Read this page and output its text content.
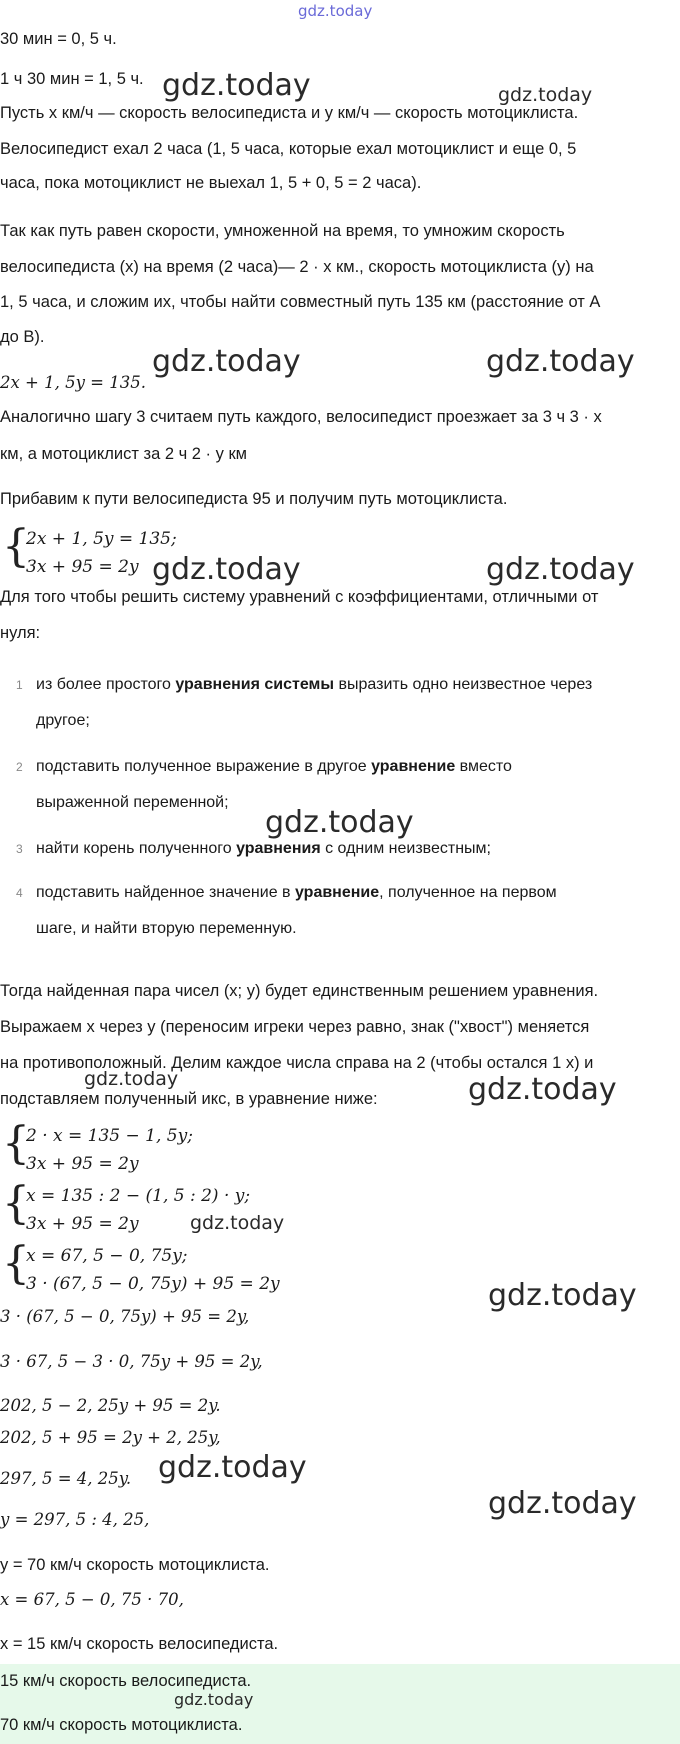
gdz.today
30 мин = 0, 5 ч.
1 ч 30 мин = 1, 5 ч. gdz.today	gdz.today
Пусть x км/ч — скорость велосипедиста и y км/ч — скорость мотоциклиста.
Велосипедист ехал 2 часа (1, 5 часа, которые ехал мотоциклист и еще 0, 5
часа, пока мотоциклист не выехал 1, 5 + 0, 5 = 2 часа).
Так как путь равен скорости, умноженной на время, то умножим скорость
велосипедиста (x) на время (2 часа)— 2 · x км., скорость мотоциклиста (y) на
1, 5 часа, и сложим их, чтобы найти совместный путь 135 км (расстояние от A
до B).
gdz.today	gdz.today
2x + 1, 5y = 135.
Аналогично шагу 3 считаем путь каждого, велосипедист проезжает за 3 ч 3 · x
км, а мотоциклист за 2 ч 2 · y км
Прибавим к пути велосипедиста 95 и получим путь мотоциклиста.
{
2x + 1, 5y = 135;
3x + 95 = 2y gdz.today	gdz.today
Для того чтобы решить систему уравнений с коэффициентами, отличными от
нуля:
1 из более простого уравнения системы выразить одно неизвестное через
другое;
2 подставить полученное выражение в другое уравнение вместо
выраженной переменной;
3 найти корень полученного уравнения с одним неизвестным;
4 подставить найденное значение в уравнение, полученное на первом
шаге, и найти вторую переменную.
gdz.today
Тогда найденная пара чисел (x; y) будет единственным решением уравнения.
Выражаем x через y (переносим игреки через равно, знак ("хвост") меняется
на противоположный. Делим каждое числа справа на 2 (чтобы остался 1 x) и
gdz.today	gdz.today
подставляем полученный икс, в уравнение ниже:
{
2 · x = 135 − 1, 5y;
3x + 95 = 2y
{
x = 135 : 2 − (1, 5 : 2) · y;
3x + 95 = 2y	gdz.today
{
x = 67, 5 − 0, 75y;
3 · (67, 5 − 0, 75y) + 95 = 2y	gdz.today
3 · (67, 5 − 0, 75y) + 95 = 2y,
3 · 67, 5 − 3 · 0, 75y + 95 = 2y,
202, 5 − 2, 25y + 95 = 2y.
202, 5 + 95 = 2y + 2, 25y,
297, 5 = 4, 25y. gdz.today
gdz.today
y = 297, 5 : 4, 25,
y = 70 км/ч скорость мотоциклиста.
x = 67, 5 − 0, 75 · 70,
x = 15 км/ч скорость велосипедиста.
15 км/ч скорость велосипедиста.
gdz.today
70 км/ч скорость мотоциклиста.
